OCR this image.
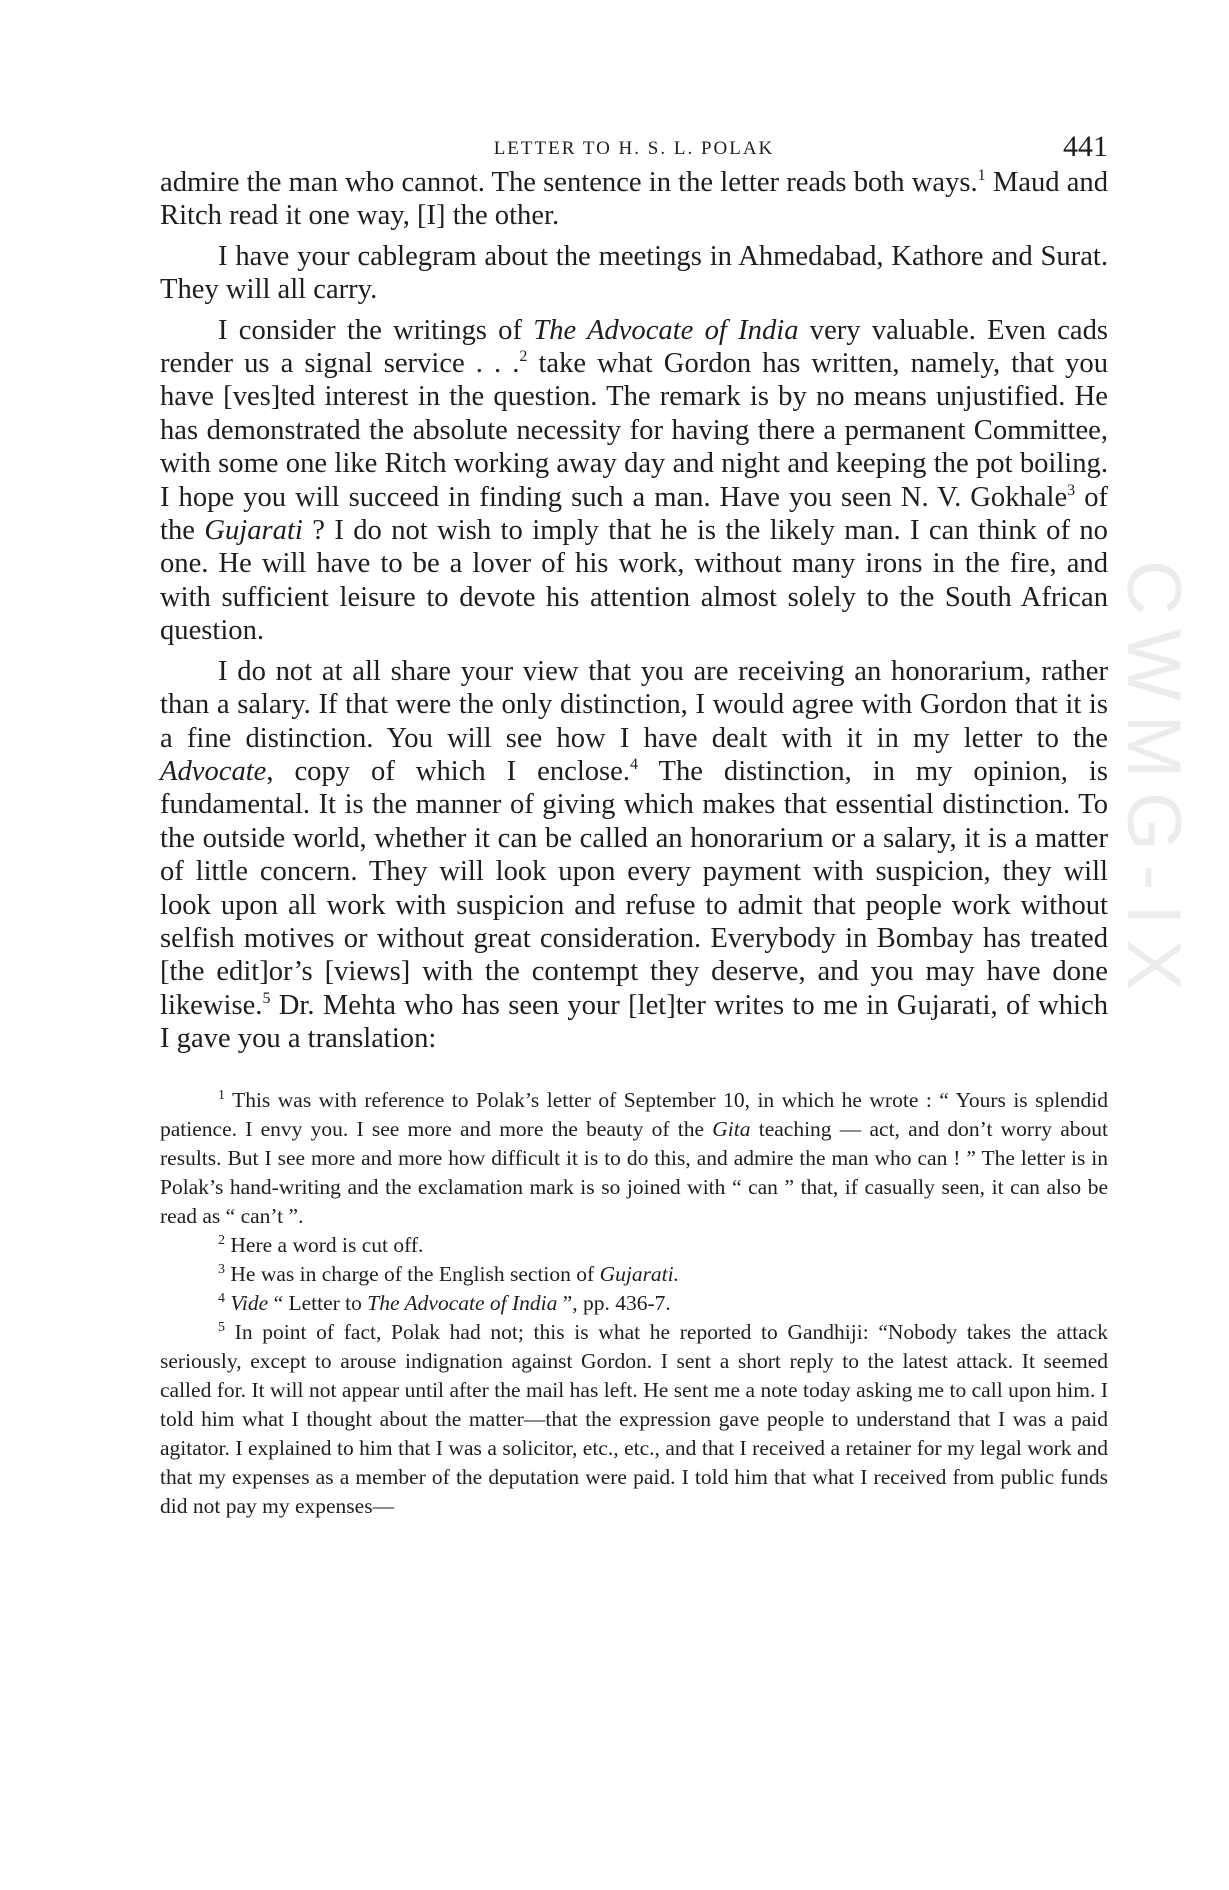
CWMG-IX
LETTER TO H. S. L. POLAK	441

admire the man who cannot. The sentence in the letter reads both ways.$^1$ Maud and Ritch read it one way, [I] the other.

I have your cablegram about the meetings in Ahmedabad, Kathore and Surat. They will all carry.

I consider the writings of The Advocate of India very valuable. Even cads render us a signal service . . .$^2$ take what Gordon has written, namely, that you have [ves]ted interest in the question. The remark is by no means unjustified. He has demonstrated the absolute necessity for having there a permanent Committee, with some one like Ritch working away day and night and keeping the pot boiling. I hope you will succeed in finding such a man. Have you seen N. V. Gokhale$^3$ of the Gujarati ? I do not wish to imply that he is the likely man. I can think of no one. He will have to be a lover of his work, without many irons in the fire, and with sufficient leisure to devote his attention almost solely to the South African question.

I do not at all share your view that you are receiving an honorarium, rather than a salary. If that were the only distinction, I would agree with Gordon that it is a fine distinction. You will see how I have dealt with it in my letter to the Advocate, copy of which I enclose.$^4$ The distinction, in my opinion, is fundamental. It is the manner of giving which makes that essential distinction. To the outside world, whether it can be called an honorarium or a salary, it is a matter of little concern. They will look upon every payment with suspicion, they will look upon all work with suspicion and refuse to admit that people work without selfish motives or without great consideration. Everybody in Bombay has treated [the edit]or’s [views] with the contempt they deserve, and you may have done likewise.$^5$ Dr. Mehta who has seen your [let]ter writes to me in Gujarati, of which I gave you a translation:

$^1$ This was with reference to Polak’s letter of September 10, in which he wrote : “ Yours is splendid patience. I envy you. I see more and more the beauty of the Gita teaching — act, and don’t worry about results. But I see more and more how difficult it is to do this, and admire the man who can ! ” The letter is in Polak’s hand-writing and the exclamation mark is so joined with “ can ” that, if casually seen, it can also be read as “ can’t ”.

$^2$ Here a word is cut off.

$^3$ He was in charge of the English section of Gujarati.

$^4$ Vide “ Letter to The Advocate of India ”, pp. 436-7.

$^5$ In point of fact, Polak had not; this is what he reported to Gandhiji: “Nobody takes the attack seriously, except to arouse indignation against Gordon. I sent a short reply to the latest attack. It seemed called for. It will not appear until after the mail has left. He sent me a note today asking me to call upon him. I told him what I thought about the matter—that the expression gave people to understand that I was a paid agitator. I explained to him that I was a solicitor, etc., etc., and that I received a retainer for my legal work and that my expenses as a member of the deputation were paid. I told him that what I received from public funds did not pay my expenses—
